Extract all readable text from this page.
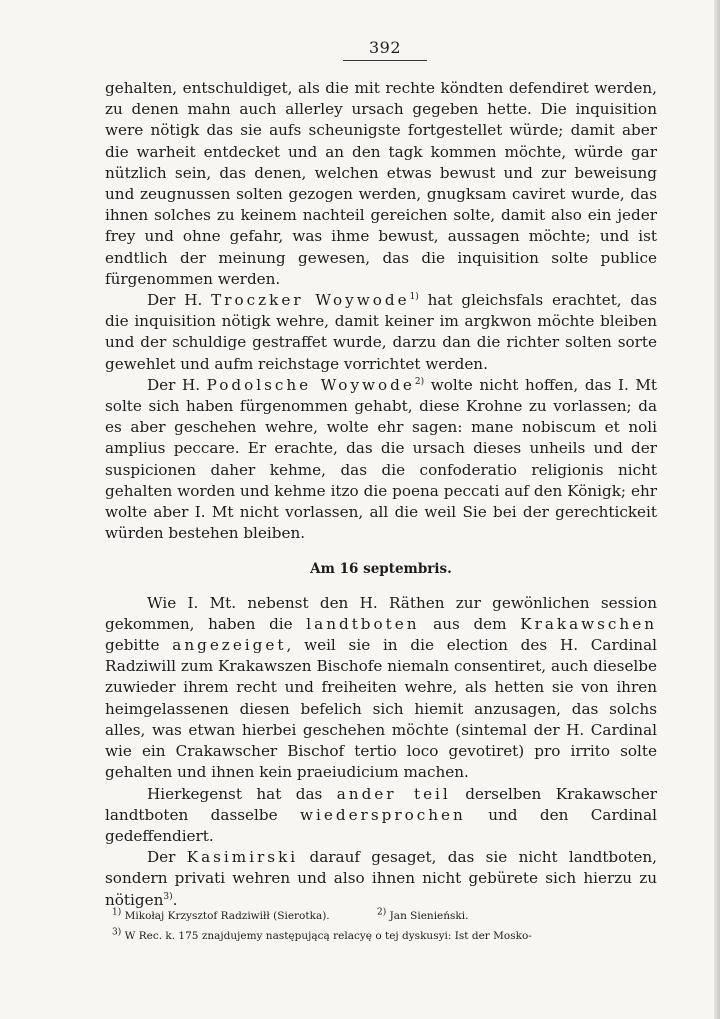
392

gehalten, entschuldiget, als die mit rechte köndten defendiret werden, zu denen mahn auch allerley ursach gegeben hette. Die inquisition were nötigk das sie aufs scheunigste fortgestellet würde; damit aber die warheit entdecket und an den tagk kommen möchte, würde gar nützlich sein, das denen, welchen etwas bewust und zur beweisung und zeugnussen solten gezogen werden, gnugksam caviret wurde, das ihnen solches zu keinem nachteil gereichen solte, damit also ein jeder frey und ohne gefahr, was ihme bewust, aussagen möchte; und ist endtlich der meinung gewesen, das die inquisition solte publice fürgenommen werden.

Der H. Troczker Woywode$^{1)}$ hat gleichsfals erachtet, das die inquisition nötigk wehre, damit keiner im argkwon möchte bleiben und der schuldige gestraffet wurde, darzu dan die richter solten sorte gewehlet und aufm reichstage vorrichtet werden.

Der H. Podolsche Woywode$^{2)}$ wolte nicht hoffen, das I. Mt solte sich haben fürgenommen gehabt, diese Krohne zu vorlassen; da es aber geschehen wehre, wolte ehr sagen: mane nobiscum et noli amplius peccare. Er erachte, das die ursach dieses unheils und der suspicionen daher kehme, das die confoderatio religionis nicht gehalten worden und kehme itzo die poena peccati auf den Königk; ehr wolte aber I. Mt nicht vorlassen, all die weil Sie bei der gerechtickeit würden bestehen bleiben.

Am 16 septembris.

Wie I. Mt. nebenst den H. Räthen zur gewönlichen session gekommen, haben die landtboten aus dem Krakawschen gebitte angezeiget, weil sie in die election des H. Cardinal Radziwill zum Krakawszen Bischofe niemaln consentiret, auch dieselbe zuwieder ihrem recht und freiheiten wehre, als hetten sie von ihren heimgelassenen diesen befelich sich hiemit anzusagen, das solchs alles, was etwan hierbei geschehen möchte (sintemal der H. Cardinal wie ein Crakawscher Bischof tertio loco gevotiret) pro irrito solte gehalten und ihnen kein praeiudicium machen.

Hierkegenst hat das ander teil derselben Krakawscher landtboten dasselbe wiedersprochen und den Cardinal gedeffendiert.

Der Kasimirski darauf gesaget, das sie nicht landtboten, sondern privati wehren und also ihnen nicht gebürete sich hierzu zu nötigen$^{3)}$.

$^{1)}$ Mikołaj Krzysztof Radziwiłł (Sierotka).	$^{2)}$ Jan Sienieński.
$^{3)}$ W Rec. k. 175 znajdujemy następującą relacyę o tej dyskusyi: Ist der Mosko-
